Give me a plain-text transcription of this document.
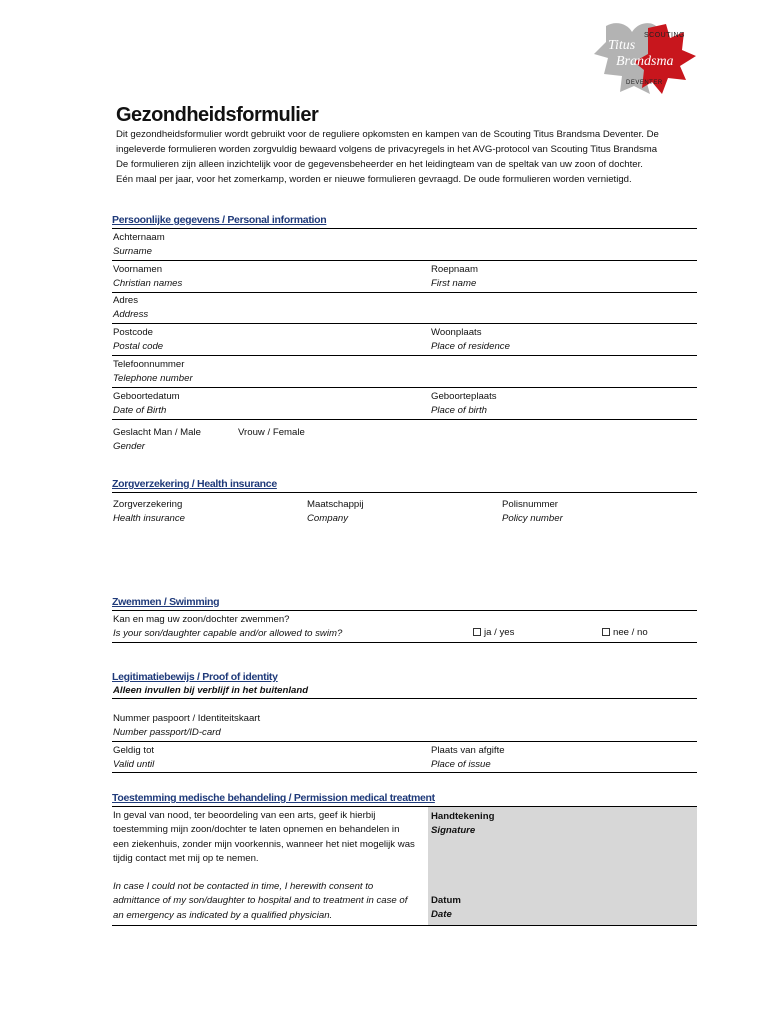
SCOUTING
Titus
Brandsma
DEVENTER
Gezondheidsformulier
Dit gezondheidsformulier wordt gebruikt voor de reguliere opkomsten en kampen van de Scouting Titus Brandsma Deventer. De
ingeleverde formulieren worden zorgvuldig bewaard volgens de privacyregels in het AVG-protocol van Scouting Titus Brandsma
De formulieren zijn alleen inzichtelijk voor de gegevensbeheerder en het leidingteam van de speltak van uw zoon of dochter.
Eén maal per jaar, voor het zomerkamp, worden er nieuwe formulieren gevraagd. De oude formulieren worden vernietigd.
Persoonlijke gegevens / Personal information
Achternaam
Surname
Voornamen
Christian names
Roepnaam
First name
Adres
Address
Postcode
Postal code
Woonplaats
Place of residence
Telefoonnummer
Telephone number
Geboortedatum
Date of Birth
Geboorteplaats
Place of birth
Geslacht Man / Male
Gender
Vrouw / Female
Zorgverzekering / Health insurance
Zorgverzekering
Health insurance
Maatschappij
Company
Polisnummer
Policy number
Zwemmen / Swimming
Kan en mag uw zoon/dochter zwemmen?
Is your son/daughter capable and/or allowed to swim?	ja / yes	nee / no
Legitimatiebewijs / Proof of identity
Alleen invullen bij verblijf in het buitenland
Nummer paspoort / Identiteitskaart
Number passport/ID-card
Geldig tot
Valid until
Plaats van afgifte
Place of issue
Toestemming medische behandeling / Permission medical treatment
In geval van nood, ter beoordeling van een arts, geef ik hierbij
toestemming mijn zoon/dochter te laten opnemen en behandelen in
een ziekenhuis, zonder mijn voorkennis, wanneer het niet mogelijk was
tijdig contact met mij op te nemen.
In case I could not be contacted in time, I herewith consent to
admittance of my son/daughter to hospital and to treatment in case of
an emergency as indicated by a qualified physician.
Handtekening
Signature
Datum
Date
